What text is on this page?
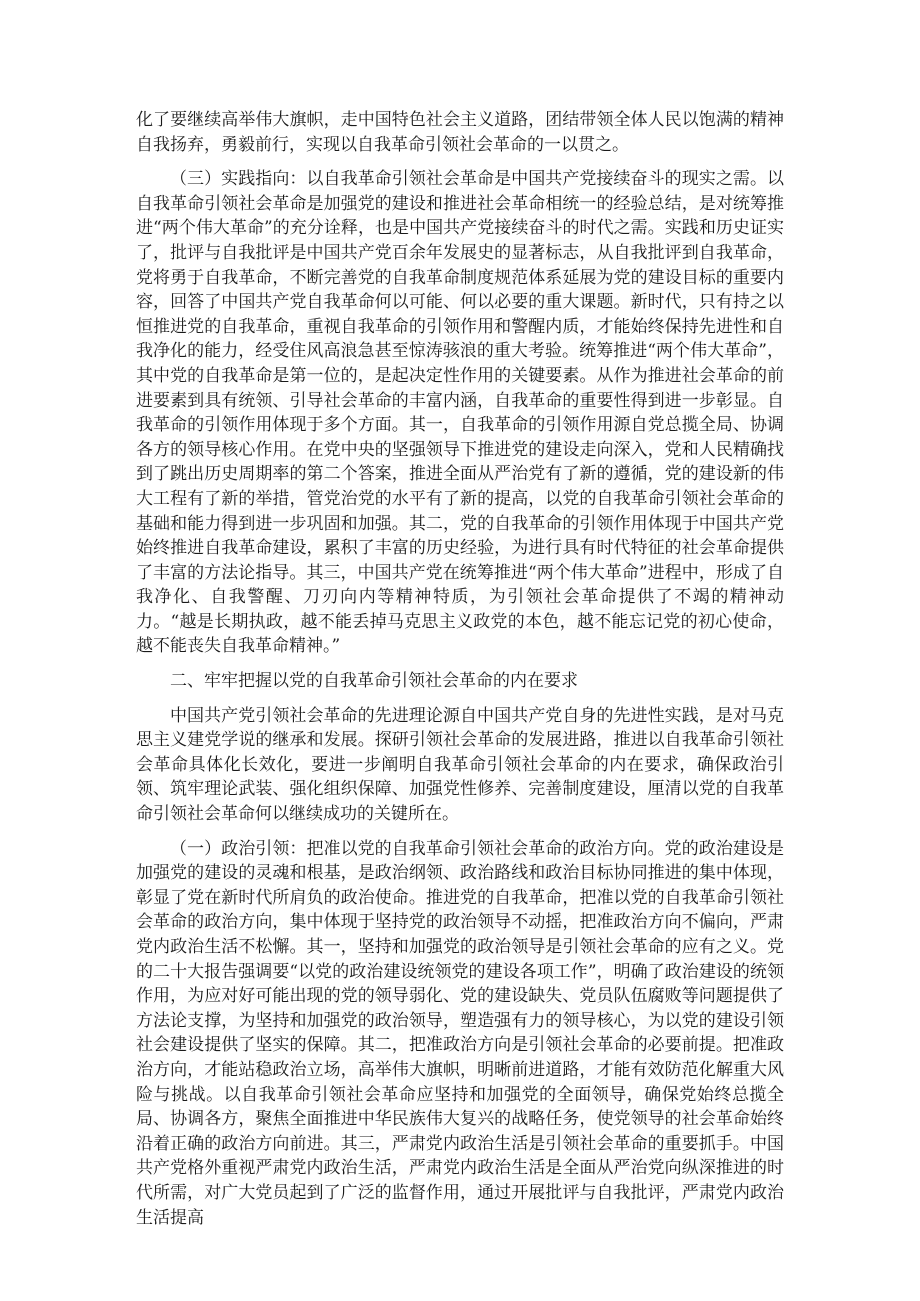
化了要继续高举伟大旗帜，走中国特色社会主义道路，团结带领全体人民以饱满的精神自我扬弃，勇毅前行，实现以自我革命引领社会革命的一以贯之。

（三）实践指向：以自我革命引领社会革命是中国共产党接续奋斗的现实之需。以自我革命引领社会革命是加强党的建设和推进社会革命相统一的经验总结，是对统筹推进“两个伟大革命”的充分诠释，也是中国共产党接续奋斗的时代之需。实践和历史证实了，批评与自我批评是中国共产党百余年发展史的显著标志，从自我批评到自我革命，党将勇于自我革命，不断完善党的自我革命制度规范体系延展为党的建设目标的重要内容，回答了中国共产党自我革命何以可能、何以必要的重大课题。新时代，只有持之以恒推进党的自我革命，重视自我革命的引领作用和警醒内质，才能始终保持先进性和自我净化的能力，经受住风高浪急甚至惊涛骇浪的重大考验。统筹推进“两个伟大革命”，其中党的自我革命是第一位的，是起决定性作用的关键要素。从作为推进社会革命的前进要素到具有统领、引导社会革命的丰富内涵，自我革命的重要性得到进一步彰显。自我革命的引领作用体现于多个方面。其一，自我革命的引领作用源自党总揽全局、协调各方的领导核心作用。在党中央的坚强领导下推进党的建设走向深入，党和人民精确找到了跳出历史周期率的第二个答案，推进全面从严治党有了新的遵循，党的建设新的伟大工程有了新的举措，管党治党的水平有了新的提高，以党的自我革命引领社会革命的基础和能力得到进一步巩固和加强。其二，党的自我革命的引领作用体现于中国共产党始终推进自我革命建设，累积了丰富的历史经验，为进行具有时代特征的社会革命提供了丰富的方法论指导。其三，中国共产党在统筹推进“两个伟大革命”进程中，形成了自我净化、自我警醒、刀刃向内等精神特质，为引领社会革命提供了不竭的精神动力。“越是长期执政，越不能丢掉马克思主义政党的本色，越不能忘记党的初心使命，越不能丧失自我革命精神。”

二、牢牢把握以党的自我革命引领社会革命的内在要求

中国共产党引领社会革命的先进理论源自中国共产党自身的先进性实践，是对马克思主义建党学说的继承和发展。探研引领社会革命的发展进路，推进以自我革命引领社会革命具体化长效化，要进一步阐明自我革命引领社会革命的内在要求，确保政治引领、筑牢理论武装、强化组织保障、加强党性修养、完善制度建设，厘清以党的自我革命引领社会革命何以继续成功的关键所在。

（一）政治引领：把准以党的自我革命引领社会革命的政治方向。党的政治建设是加强党的建设的灵魂和根基，是政治纲领、政治路线和政治目标协同推进的集中体现，彰显了党在新时代所肩负的政治使命。推进党的自我革命，把准以党的自我革命引领社会革命的政治方向，集中体现于坚持党的政治领导不动摇，把准政治方向不偏向，严肃党内政治生活不松懈。其一，坚持和加强党的政治领导是引领社会革命的应有之义。党的二十大报告强调要“以党的政治建设统领党的建设各项工作”，明确了政治建设的统领作用，为应对好可能出现的党的领导弱化、党的建设缺失、党员队伍腐败等问题提供了方法论支撑，为坚持和加强党的政治领导，塑造强有力的领导核心，为以党的建设引领社会建设提供了坚实的保障。其二，把准政治方向是引领社会革命的必要前提。把准政治方向，才能站稳政治立场，高举伟大旗帜，明晰前进道路，才能有效防范化解重大风险与挑战。以自我革命引领社会革命应坚持和加强党的全面领导，确保党始终总揽全局、协调各方，聚焦全面推进中华民族伟大复兴的战略任务，使党领导的社会革命始终沿着正确的政治方向前进。其三，严肃党内政治生活是引领社会革命的重要抓手。中国共产党格外重视严肃党内政治生活，严肃党内政治生活是全面从严治党向纵深推进的时代所需，对广大党员起到了广泛的监督作用，通过开展批评与自我批评，严肃党内政治生活提高
